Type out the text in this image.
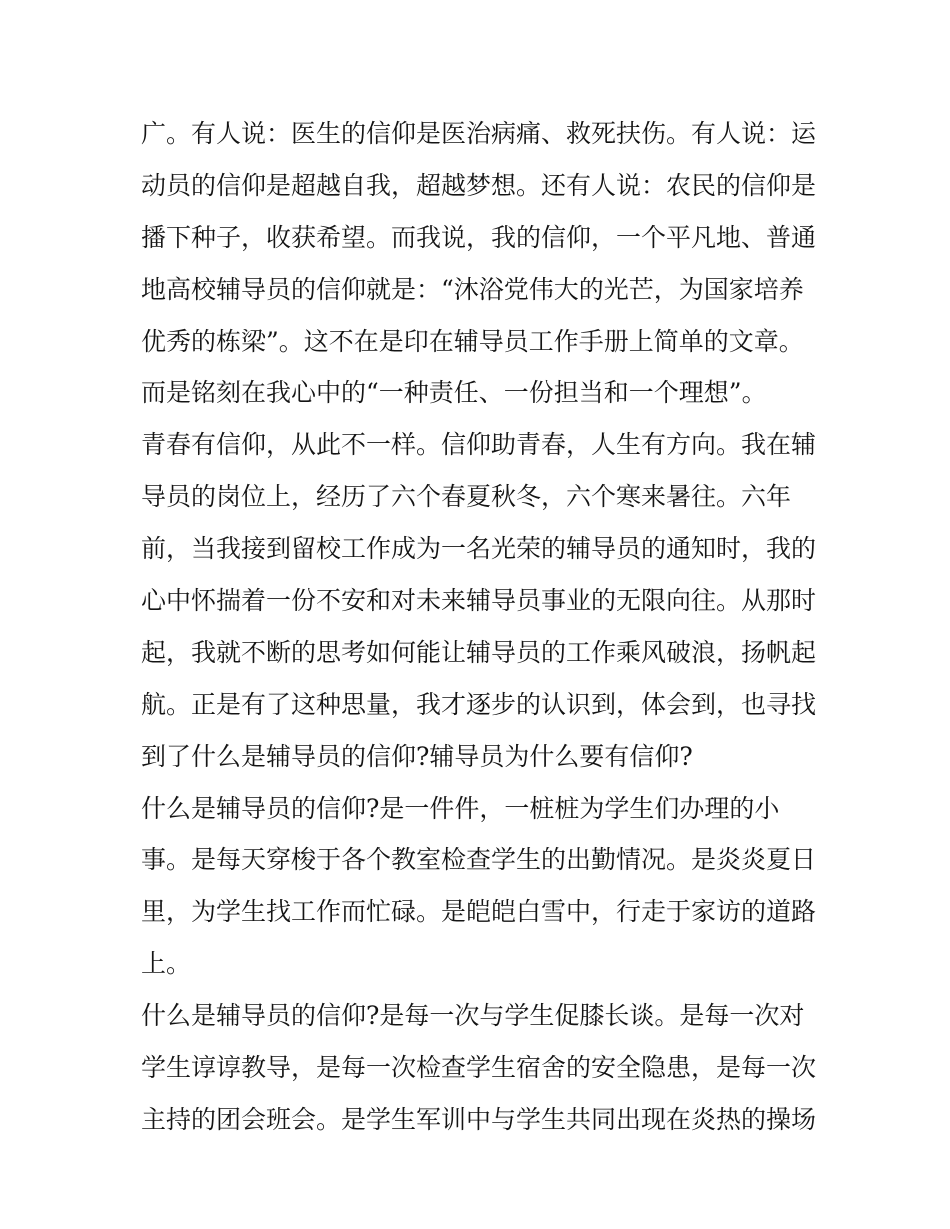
广。有人说：医生的信仰是医治病痛、救死扶伤。有人说：运
动员的信仰是超越自我，超越梦想。还有人说：农民的信仰是
播下种子，收获希望。而我说，我的信仰，一个平凡地、普通
地高校辅导员的信仰就是：“沐浴党伟大的光芒，为国家培养
优秀的栋梁”。这不在是印在辅导员工作手册上简单的文章。
而是铭刻在我心中的“一种责任、一份担当和一个理想”。
青春有信仰，从此不一样。信仰助青春，人生有方向。我在辅
导员的岗位上，经历了六个春夏秋冬，六个寒来暑往。六年
前，当我接到留校工作成为一名光荣的辅导员的通知时，我的
心中怀揣着一份不安和对未来辅导员事业的无限向往。从那时
起，我就不断的思考如何能让辅导员的工作乘风破浪，扬帆起
航。正是有了这种思量，我才逐步的认识到，体会到，也寻找
到了什么是辅导员的信仰?辅导员为什么要有信仰?
什么是辅导员的信仰?是一件件，一桩桩为学生们办理的小
事。是每天穿梭于各个教室检查学生的出勤情况。是炎炎夏日
里，为学生找工作而忙碌。是皑皑白雪中，行走于家访的道路
上。
什么是辅导员的信仰?是每一次与学生促膝长谈。是每一次对
学生谆谆教导，是每一次检查学生宿舍的安全隐患，是每一次
主持的团会班会。是学生军训中与学生共同出现在炎热的操场
